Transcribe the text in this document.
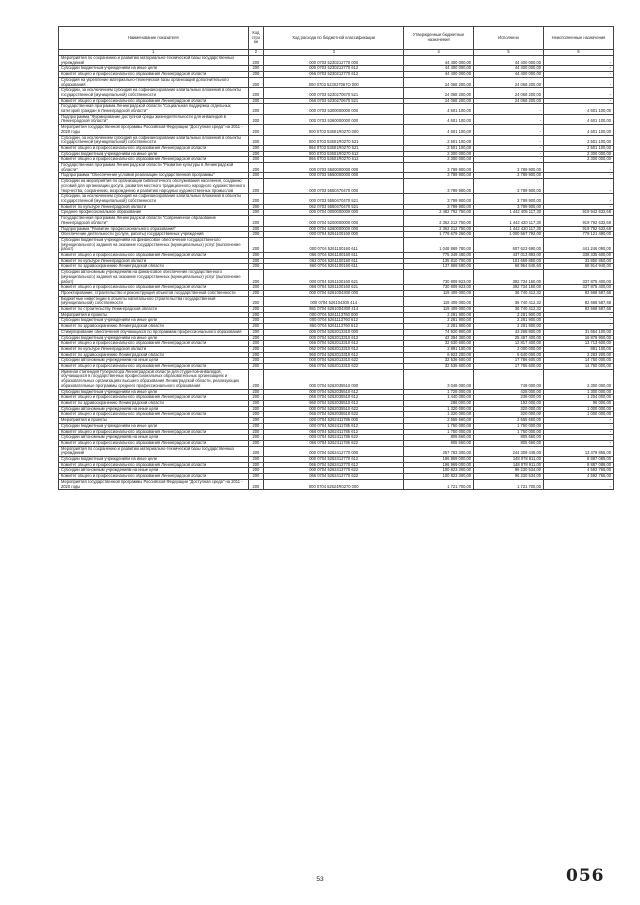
Наименование показателя	Код стро ки	Код расхода по бюджетной классификации	Утвержденные бюджетные назначения	Исполнено	Неисполненные назначения
1	2	3	4	5	6
Мероприятия по сохранению и развитию материально-технической базы государственных учреждений	200	000 0703 5230212770 000	44 400 000,00	44 400 000,00	-
Субсидии бюджетным учреждениям на иные цели	200	000 0703 5230212770 612	44 400 000,00	44 400 000,00	-
Комитет общего и профессионального образования Ленинградской области	200	066 0703 5230212770 612	44 400 000,00	44 400 000,00	-
Субсидия на укрепление материально-технической базы организаций дополнительного образования	200	000 0703 523027067О 000	24 068 200,00	24 068 200,00	-
Субсидии, за исключением субсидий на софинансирование капитальных вложений в объекты государственной (муниципальной) собственности	200	000 0703 5230270670 521	24 068 200,00	24 068 200,00	-
Комитет общего и профессионального образования Ленинградской области	200	066 0703 5230270670 521	24 068 200,00	24 068 200,00	-
Государственная программа Ленинградской области "Социальная поддержка отдельных категорий граждан в Ленинградской области"	200	000 0703 5300000000 000	4 601 100,00	-	4 601 100,00
Подпрограмма "Формирование доступной среды жизнедеятельности для инвалидов в Ленинградской области"	200	000 0703 5360000000 000	4 601 100,00	-	4 601 100,00
Мероприятия государственной программы Российской Федерации "Доступная среда" на 2011 - 2020 годы	200	000 0703 53601R0270 000	4 601 100,00	-	4 601 100,00
Субсидии, за исключением субсидий на софинансирование капитальных вложений в объекты государственной (муниципальной) собственности	200	000 0703 53601R0270 521	2 501 100,00	-	2 501 100,00
Комитет общего и профессионального образования Ленинградской области	200	066 0703 53601R0270 521	2 501 100,00	-	2 501 100,00
Субсидии бюджетным учреждениям на иные цели	200	000 0703 53601R0270 612	2 300 000,00	-	2 300 000,00
Комитет общего и профессионального образования Ленинградской области	200	066 0703 53601R0270 612	2 300 000,00	-	2 300 000,00
Государственная программа Ленинградской области "Развитие культуры в Ленинградской области"	200	000 0703 5500000000 000	3 789 900,00	3 789 900,00	-
Подпрограмма "Обеспечение условий реализации государственной программы"	200	000 0703 5550000000 000	3 789 900,00	3 789 900,00	-
Субсидии на мероприятия по организации библиотечного обслуживания населения, созданию условий для организации досуга, развития местного традиционного народного художественного творчества, сохранению, возрождению и развитию народных художественных промыслов	200	000 0703 5550470470 000	3 789 900,00	3 789 900,00	-
Субсидии, за исключением субсидий на софинансирование капитальных вложений в объекты государственной (муниципальной) собственности	200	000 0703 5550470470 521	3 789 900,00	3 789 900,00	-
Комитет по культуре Ленинградской области	200	062 0703 5550470470 521	3 789 900,00	3 789 900,00	-
Среднее профессиональное образование	200	000 0704 0000000000 000	2 482 792 750,00	1 442 405 117,30	919 942 632,68
Государственная программа Ленинградской области "Современное образование Ленинградской области"	200	000 0704 5200000000 000	2 362 212 750,00	1 442 420 117,30	919 792 632,68
Подпрограмма "Развитие профессионального образования"	200	000 0704 5260000000 000	2 362 212 750,00	1 442 420 117,30	919 792 632,68
Обеспечение деятельности (услуги, работы) государственных учреждений	200	000 0704 5261100160 000	1 779 679 260,00	1 000 567 792,00	779 121 490,00
Субсидии бюджетным учреждениям на финансовое обеспечение государственного (муниципального) задания на оказание государственных (муниципальных) услуг (выполнение работ)	200	000 0704 5261100160 611	1 048 869 780,00	607 623 690,00	441 246 090,00
Комитет общего и профессионального образования Ленинградской области	200	066 0704 5261100160 611	775 349 480,00	437 013 893,00	338 335 600,00
Комитет по культуре Ленинградской области	200	062 0704 5261100160 611	135 810 700,00	101 659 850,00	33 850 850,00
Комитет по здравоохранению Ленинградской области	200	960 0704 5261100160 611	137 869 580,00	68 954 645,60	68 914 940,00
Субсидии автономным учреждениям на финансовое обеспечение государственного (муниципального) задания на оказание государственных (муниципальных) услуг (выполнение работ)	200	000 0704 5261100160 621	730 809 923,00	392 734 150,00	337 875 400,00
Комитет общего и профессионального образования Ленинградской области	200	066 0704 5261100160 621	730 809 923,00	392 734 150,00	337 875 400,00
Проектирование, строительство и реконструкция объектов государственной собственности	200	000 0704 5261004300 000	119 409 000,00	36 740 412,32	82 668 587,68
Бюджетные инвестиции в объекты капитального строительства государственной (муниципальной) собственности	200	000 0704 526104300 414	119 409 000,00	36 740 412,32	82 668 587,68
Комитет по строительству Ленинградской области	200	981 0704 5261004300 414	119 409 000,00	36 740 412,32	82 668 587,68
Мероприятия и проекты	200	000 0704 5261113760 000	2 281 900,00	2 281 900,00	-
Субсидии бюджетным учреждениям на иные цели	200	000 0704 5261113760 612	2 281 900,00	2 281 900,00	-
Комитет по здравоохранению Ленинградской области	200	960 0704 5261113760 612	2 281 900,00	2 281 900,00	-
Стимулирование обеспечения обучающихся по программам профессионального образования	200	000 0704 5262013310 000	74 920 900,00	43 268 800,00	31 654 100,00
Субсидии бюджетным учреждениям на иные цели	200	000 0704 5262013310 612	42 384 300,00	25 497 400,00	16 879 900,00
Комитет общего и профессионального образования Ленинградской области	200	066 0704 5262013310 612	32 630 600,00	12 817 400,00	13 713 600,00
Комитет по культуре Ленинградской области	200	062 0704 5262013310 612	2 891 100,00	2 000 000,00	891 100,00
Комитет по здравоохранению Ленинградской области	200	960 0704 5262013310 612	6 923 200,00	5 640 000,00	2 283 200,00
Субсидии автономным учреждениям на иные цели	200	000 0704 5262013310 622	32 536 600,00	17 786 600,00	14 750 000,00
Комитет общего и профессионального образования Ленинградской области	200	066 0704 5262013310 622	32 536 600,00	17 786 600,00	14 750 000,00
Именная стипендия Губернатора Ленинградской области для студентов-инвалидов, обучающихся в государственных профессиональных образовательных организациях и образовательных организациях высшего образования Ленинградской области, реализующих образовательные программы среднего профессионального образования	200	000 0704 5262035510 000	3 048 000,00	748 000,00	2 300 000,00
Субсидии бюджетным учреждениям на иные цели	200	000 0704 5262035510 612	1 728 000,00	428 000,00	1 300 000,00
Комитет общего и профессионального образования Ленинградской области	200	066 0704 5262035510 612	1 440 000,00	236 000,00	1 204 000,00
Комитет по здравоохранению Ленинградской области	200	960 0704 5262035510 612	288 000,00	192 000,00	96 000,00
Субсидии автономным учреждениям на иные цели	200	000 0704 5262035510 622	1 320 000,00	320 000,00	1 000 000,00
Комитет общего и профессионального образования Ленинградской области	200	066 0704 5262035510 622	1 320 000,00	320 000,00	1 000 000,00
Мероприятия и проекты	200	000 0704 5262411785 000	2 555 660,00	2 555 660,00	-
Субсидии бюджетным учреждениям на иные цели	200	000 0704 5262411785 612	1 750 000,00	1 750 000,00	-
Комитет общего и профессионального образования Ленинградской области	200	066 0704 5262411785 612	1 750 000,00	1 750 000,00	-
Субсидии автономным учреждениям на иные цели	200	000 0704 5262411785 622	805 660,00	805 660,00	-
Комитет общего и профессионального образования Ленинградской области	200	066 0704 5262411785 622	805 660,00	805 660,00	-
Мероприятия по сохранению и развитию материально-технической базы государственных учреждений	200	000 0704 5262412770 000	257 783 300,00	244 309 445,00	13 479 855,00
Субсидии бюджетным учреждениям на иные цели	200	000 0704 5262412770 612	196 969 000,00	148 078 911,00	8 887 089,00
Комитет общего и профессионального образования Ленинградской области	200	066 0704 5262412770 612	196 969 000,00	148 078 911,00	8 887 089,00
Субсидии автономным учреждениям на иные цели	200	000 0704 5262412770 622	100 823 300,00	96 230 534,00	4 592 766,00
Комитет общего и профессионального образования Ленинградской области	200	066 0704 5262412770 622	100 823 300,00	96 230 534,00	4 592 766,00
Мероприятия государственной программы Российской Федерации "Доступная среда" на 2011 - 2020 годы	200	000 0704 52624R0270 000	1 721 700,00	1 721 700,00	-
53	056
